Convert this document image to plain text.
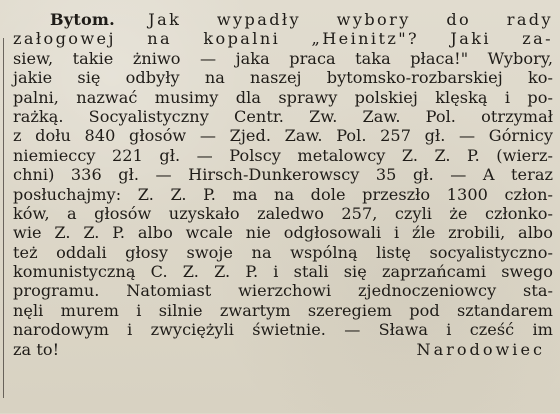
Bytom. Jak wypadły wybory do rady
załogowej na kopalni „Heinitz"? Jaki za-
siew, takie żniwo — jaka praca taka płaca!" Wybory,
jakie się odbyły na naszej bytomsko-rozbarskiej ko-
palni, nazwać musimy dla sprawy polskiej klęską i po-
rażką. Socyalistyczny Centr. Zw. Zaw. Pol. otrzymał
z dołu 840 głosów — Zjed. Zaw. Pol. 257 gł. — Górnicy
niemieccy 221 gł. — Polscy metalowcy Z. Z. P. (wierz-
chni) 336 gł. — Hirsch-Dunkerowscy 35 gł. — A teraz
posłuchajmy: Z. Z. P. ma na dole przeszło 1300 człon-
ków, a głosów uzyskało zaledwo 257, czyli że członko-
wie Z. Z. P. albo wcale nie odgłosowali i źle zrobili, albo
też oddali głosy swoje na wspólną listę socyalistyczno-
komunistyczną C. Z. Z. P. i stali się zaprzańcami swego
programu. Natomiast wierzchowi zjednoczeniowcy sta-
nęli murem i silnie zwartym szeregiem pod sztandarem
narodowym i zwyciężyli świetnie. — Sława i cześć im
za to!	Narodowiec
